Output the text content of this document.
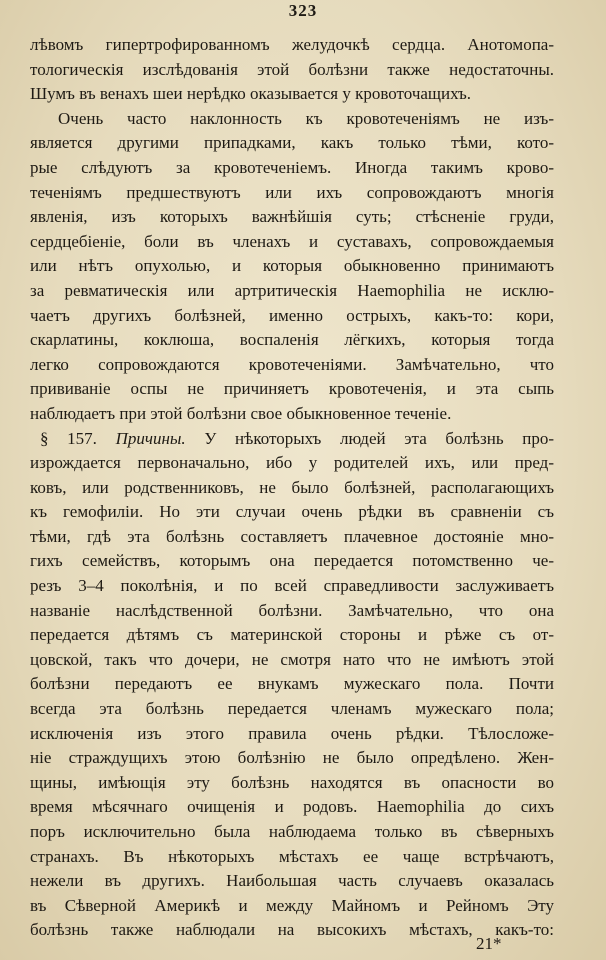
323
лѣвомъ гипертрофированномъ желудочкѣ сердца. Анотомопа-
тологическія изслѣдованія этой болѣзни также недостаточны.
Шумъ въ венахъ шеи нерѣдко оказывается у кровоточащихъ.
Очень часто наклонность къ кровотеченіямъ не изъ-
является другими припадками, какъ только тѣми, кото-
рые слѣдуютъ за кровотеченіемъ. Иногда такимъ крово-
теченіямъ предшествуютъ или ихъ сопровождаютъ многія
явленія, изъ которыхъ важнѣйшія суть; стѣсненіе груди,
сердцебіеніе, боли въ членахъ и суставахъ, сопровождаемыя
или нѣтъ опухолью, и которыя обыкновенно принимаютъ
за ревматическія или артритическія Haemophilia не исклю-
чаетъ другихъ болѣзней, именно острыхъ, какъ-то: кори,
скарлатины, коклюша, воспаленія лёгкихъ, которыя тогда
легко сопровождаются кровотеченіями. Замѣчательно, что
прививаніе оспы не причиняетъ кровотеченія, и эта сыпь
наблюдаетъ при этой болѣзни свое обыкновенное теченіе.
§ 157. Причины. У нѣкоторыхъ людей эта болѣзнь про-
изрождается первоначально, ибо у родителей ихъ, или пред-
ковъ, или родственниковъ, не было болѣзней, располагающихъ
къ гемофиліи. Но эти случаи очень рѣдки въ сравненіи съ
тѣми, гдѣ эта болѣзнь составляетъ плачевное достояніе мно-
гихъ семействъ, которымъ она передается потомственно че-
резъ 3–4 поколѣнія, и по всей справедливости заслуживаетъ
названіе наслѣдственной болѣзни. Замѣчательно, что она
передается дѣтямъ съ материнской стороны и рѣже съ от-
цовской, такъ что дочери, не смотря нато что не имѣютъ этой
болѣзни передаютъ ее внукамъ мужескаго пола. Почти
всегда эта болѣзнь передается членамъ мужескаго пола;
исключенія изъ этого правила очень рѣдки. Тѣлосложе-
ніе страждущихъ этою болѣзнію не было опредѣлено. Жен-
щины, имѣющія эту болѣзнь находятся въ опасности во
время мѣсячнаго очищенія и родовъ. Haemophilia до сихъ
поръ исключительно была наблюдаема только въ сѣверныхъ
странахъ. Въ нѣкоторыхъ мѣстахъ ее чаще встрѣчаютъ,
нежели въ другихъ. Наибольшая часть случаевъ оказалась
въ Сѣверной Америкѣ и между Майномъ и Рейномъ Эту
болѣзнь также наблюдали на высокихъ мѣстахъ, какъ-то:
21*
